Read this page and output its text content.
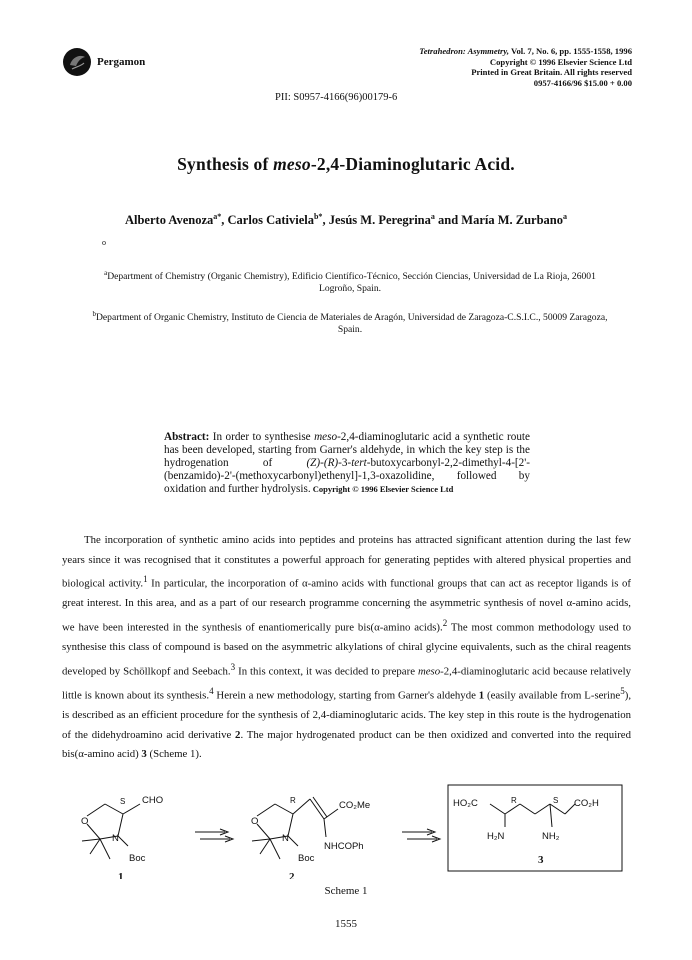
Pergamon
Tetrahedron: Asymmetry, Vol. 7, No. 6, pp. 1555-1558, 1996
Copyright © 1996 Elsevier Science Ltd
Printed in Great Britain. All rights reserved
0957-4166/96 $15.00 + 0.00
PII: S0957-4166(96)00179-6
Synthesis of meso-2,4-Diaminoglutaric Acid.
Alberto Avenoza$^{a*}$, Carlos Cativiela$^{b*}$, Jesús M. Peregrina$^a$ and María M. Zurbano$^a$
o
$^a$Department of Chemistry (Organic Chemistry), Edificio Científico-Técnico, Sección Ciencias, Universidad de La Rioja, 26001 Logroño, Spain.
$^b$Department of Organic Chemistry, Instituto de Ciencia de Materiales de Aragón, Universidad de Zaragoza-C.S.I.C., 50009 Zaragoza, Spain.
Abstract: In order to synthesise meso-2,4-diaminoglutaric acid a synthetic route has been developed, starting from Garner's aldehyde, in which the key step is the hydrogenation of (Z)-(R)-3-tert-butoxycarbonyl-2,2-dimethyl-4-[2'-(benzamido)-2'-(methoxycarbonyl)ethenyl]-1,3-oxazolidine, followed by oxidation and further hydrolysis. Copyright © 1996 Elsevier Science Ltd

The incorporation of synthetic amino acids into peptides and proteins has attracted significant attention during the last few years since it was recognised that it constitutes a powerful approach for generating peptides with altered physical properties and biological activity.$^1$ In particular, the incorporation of α-amino acids with functional groups that can act as receptor ligands is of great interest. In this area, and as a part of our research programme concerning the asymmetric synthesis of novel α-amino acids, we have been interested in the synthesis of enantiomerically pure bis(α-amino acids).$^2$ The most common methodology used to synthesise this class of compound is based on the asymmetric alkylations of chiral glycine equivalents, such as the chiral reagents developed by Schöllkopf and Seebach.$^3$ In this context, it was decided to prepare meso-2,4-diaminoglutaric acid because relatively little is known about its synthesis.$^4$ Herein a new methodology, starting from Garner's aldehyde 1 (easily available from L-serine$^5$), is described as an efficient procedure for the synthesis of 2,4-diaminoglutaric acids. The key step in this route is the hydrogenation of the didehydroamino acid derivative 2. The major hydrogenated product can be then oxidized and converted into the required bis(α-amino acid) 3 (Scheme 1).

O
N
Boc
S CHO
1
O
N
Boc
R	CO₂Me
NHCOPh
2
HO₂C	R	S CO₂H
H₂N	NH₂
3
Scheme 1
1555
